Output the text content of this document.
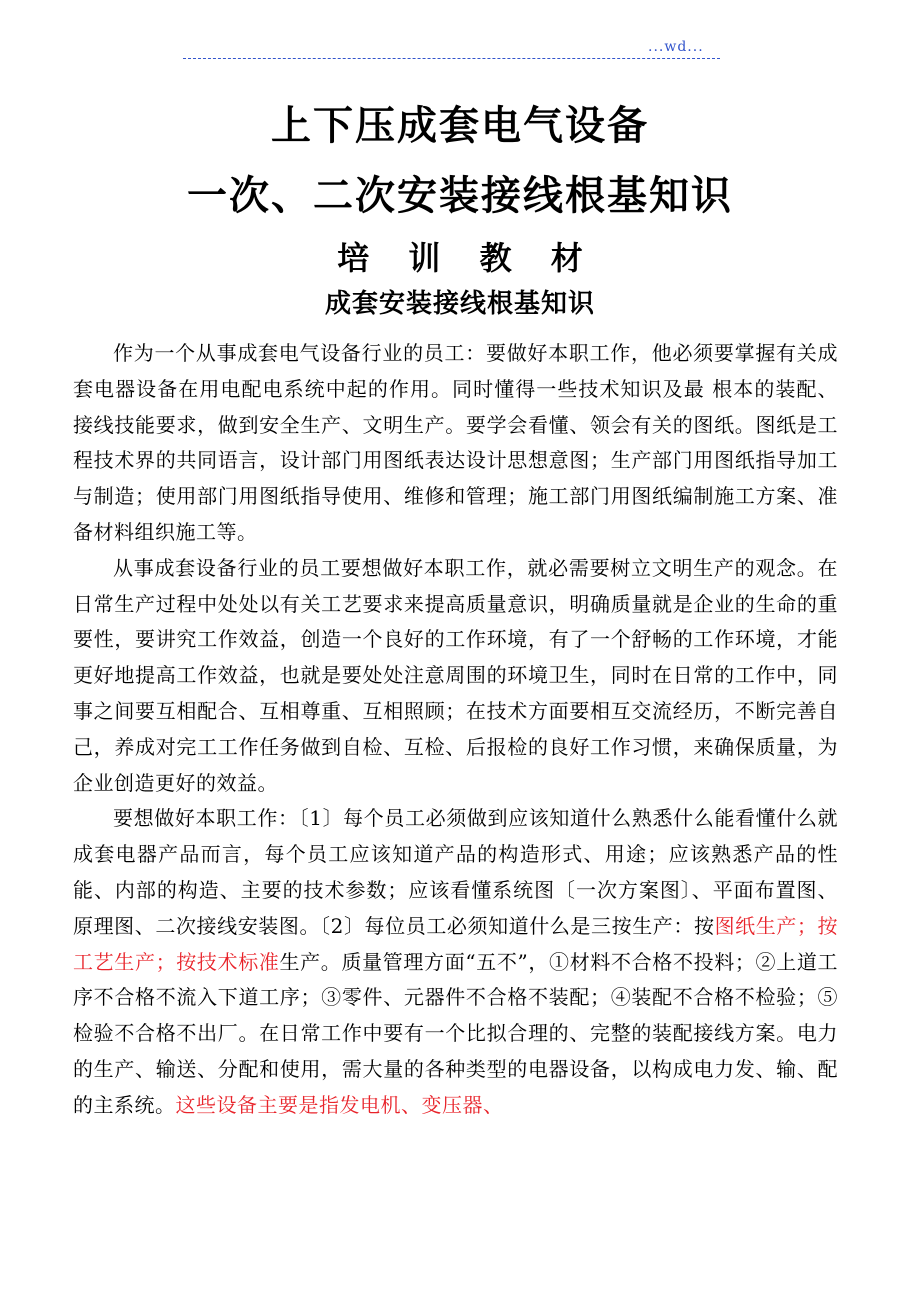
...wd...
上下压成套电气设备
一次、二次安装接线根基知识
培 训 教 材
成套安装接线根基知识

作为一个从事成套电气设备行业的员工：要做好本职工作，他必须要掌握有关成套电器设备在用电配电系统中起的作用。同时懂得一些技术知识及最 根本的装配、接线技能要求，做到安全生产、文明生产。要学会看懂、领会有关的图纸。图纸是工程技术界的共同语言，设计部门用图纸表达设计思想意图；生产部门用图纸指导加工与制造；使用部门用图纸指导使用、维修和管理；施工部门用图纸编制施工方案、准备材料组织施工等。

从事成套设备行业的员工要想做好本职工作，就必需要树立文明生产的观念。在日常生产过程中处处以有关工艺要求来提高质量意识，明确质量就是企业的生命的重要性，要讲究工作效益，创造一个良好的工作环境，有了一个舒畅的工作环境，才能更好地提高工作效益，也就是要处处注意周围的环境卫生，同时在日常的工作中，同事之间要互相配合、互相尊重、互相照顾；在技术方面要相互交流经历，不断完善自己，养成对完工工作任务做到自检、互检、后报检的良好工作习惯，来确保质量，为企业创造更好的效益。

要想做好本职工作：〔1〕每个员工必须做到应该知道什么熟悉什么能看懂什么就成套电器产品而言，每个员工应该知道产品的构造形式、用途；应该熟悉产品的性能、内部的构造、主要的技术参数；应该看懂系统图〔一次方案图〕、平面布置图、原理图、二次接线安装图。〔2〕每位员工必须知道什么是三按生产：按图纸生产；按工艺生产；按技术标准生产。质量管理方面“五不”，①材料不合格不投料；②上道工序不合格不流入下道工序；③零件、元器件不合格不装配；④装配不合格不检验；⑤检验不合格不出厂。在日常工作中要有一个比拟合理的、完整的装配接线方案。电力的生产、输送、分配和使用，需大量的各种类型的电器设备，以构成电力发、输、配的主系统。这些设备主要是指发电机、变压器、
